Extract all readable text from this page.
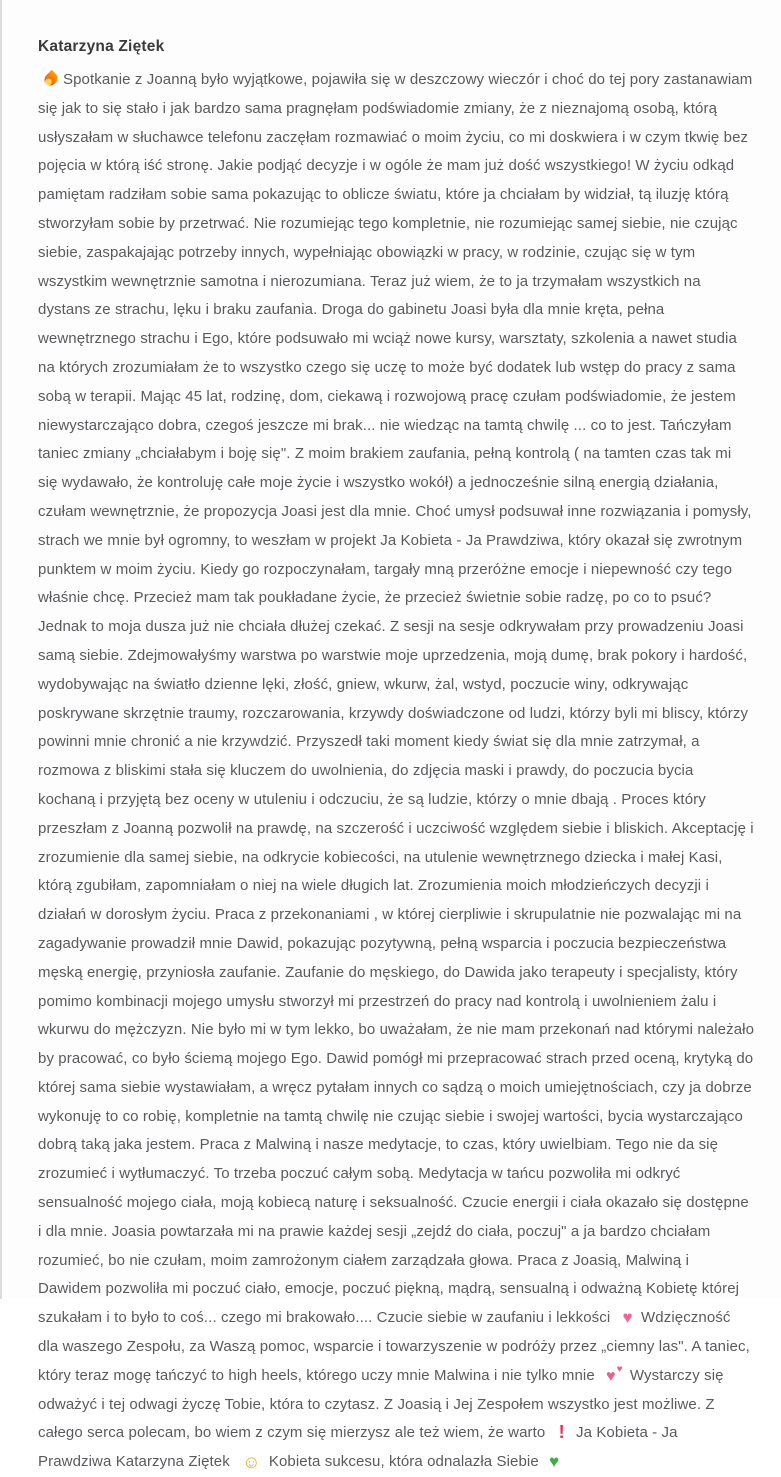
Katarzyna Ziętek

Spotkanie z Joanną było wyjątkowe, pojawiła się w deszczowy wieczór i choć do tej pory zastanawiam się jak to się stało i jak bardzo sama pragnęłam podświadomie zmiany, że z nieznajomą osobą, którą usłyszałam w słuchawce telefonu zaczęłam rozmawiać o moim życiu, co mi doskwiera i w czym tkwię bez pojęcia w którą iść stronę. Jakie podjąć decyzje i w ogóle że mam już dość wszystkiego! W życiu odkąd pamiętam radziłam sobie sama pokazując to oblicze światu, które ja chciałam by widział, tą iluzję którą stworzyłam sobie by przetrwać. Nie rozumiejąc tego kompletnie, nie rozumiejąc samej siebie, nie czując siebie, zaspakajając potrzeby innych, wypełniając obowiązki w pracy, w rodzinie, czując się w tym wszystkim wewnętrznie samotna i nierozumiana. Teraz już wiem, że to ja trzymałam wszystkich na dystans ze strachu, lęku i braku zaufania. Droga do gabinetu Joasi była dla mnie kręta, pełna wewnętrznego strachu i Ego, które podsuwało mi wciąż nowe kursy, warsztaty, szkolenia a nawet studia na których zrozumiałam że to wszystko czego się uczę to może być dodatek lub wstęp do pracy z sama sobą w terapii. Mając 45 lat, rodzinę, dom, ciekawą i rozwojową pracę czułam podświadomie, że jestem niewystarczająco dobra, czegoś jeszcze mi brak... nie wiedząc na tamtą chwilę ... co to jest. Tańczyłam taniec zmiany „chciałabym i boję się". Z moim brakiem zaufania, pełną kontrolą ( na tamten czas tak mi się wydawało, że kontroluję całe moje życie i wszystko wokół) a jednocześnie silną energią działania, czułam wewnętrznie, że propozycja Joasi jest dla mnie. Choć umysł podsuwał inne rozwiązania i pomysły, strach we mnie był ogromny, to weszłam w projekt Ja Kobieta - Ja Prawdziwa, który okazał się zwrotnym punktem w moim życiu. Kiedy go rozpoczynałam, targały mną przeróżne emocje i niepewność czy tego właśnie chcę. Przecież mam tak poukładane życie, że przecież świetnie sobie radzę, po co to psuć? Jednak to moja dusza już nie chciała dłużej czekać. Z sesji na sesje odkrywałam przy prowadzeniu Joasi samą siebie. Zdejmowałyśmy warstwa po warstwie moje uprzedzenia, moją dumę, brak pokory i hardość, wydobywając na światło dzienne lęki, złość, gniew, wkurw, żal, wstyd, poczucie winy, odkrywając poskrywane skrzętnie traumy, rozczarowania, krzywdy doświadczone od ludzi, którzy byli mi bliscy, którzy powinni mnie chronić a nie krzywdzić. Przyszedł taki moment kiedy świat się dla mnie zatrzymał, a rozmowa z bliskimi stała się kluczem do uwolnienia, do zdjęcia maski i prawdy, do poczucia bycia kochaną i przyjętą bez oceny w utuleniu i odczuciu, że są ludzie, którzy o mnie dbają . Proces który przeszłam z Joanną pozwolił na prawdę, na szczerość i uczciwość względem siebie i bliskich. Akceptację i zrozumienie dla samej siebie, na odkrycie kobiecości, na utulenie wewnętrznego dziecka i małej Kasi, którą zgubiłam, zapomniałam o niej na wiele długich lat. Zrozumienia moich młodzieńczych decyzji i działań w dorosłym życiu. Praca z przekonaniami , w której cierpliwie i skrupulatnie nie pozwalając mi na zagadywanie prowadził mnie Dawid, pokazując pozytywną, pełną wsparcia i poczucia bezpieczeństwa męską energię, przyniosła zaufanie. Zaufanie do męskiego, do Dawida jako terapeuty i specjalisty, który pomimo kombinacji mojego umysłu stworzył mi przestrzeń do pracy nad kontrolą i uwolnieniem żalu i wkurwu do mężczyzn. Nie było mi w tym lekko, bo uważałam, że nie mam przekonań nad którymi należało by pracować, co było ściemą mojego Ego. Dawid pomógł mi przepracować strach przed oceną, krytyką do której sama siebie wystawiałam, a wręcz pytałam innych co sądzą o moich umiejętnościach, czy ja dobrze wykonuję to co robię, kompletnie na tamtą chwilę nie czując siebie i swojej wartości, bycia wystarczająco dobrą taką jaka jestem. Praca z Malwiną i nasze medytacje, to czas, który uwielbiam. Tego nie da się zrozumieć i wytłumaczyć. To trzeba poczuć całym sobą. Medytacja w tańcu pozwoliła mi odkryć sensualność mojego ciała, moją kobiecą naturę i seksualność. Czucie energii i ciała okazało się dostępne i dla mnie. Joasia powtarzała mi na prawie każdej sesji „zejdź do ciała, poczuj" a ja bardzo chciałam rozumieć, bo nie czułam, moim zamrożonym ciałem zarządzała głowa. Praca z Joasią, Malwiną i Dawidem pozwoliła mi poczuć ciało, emocje, poczuć piękną, mądrą, sensualną i odważną Kobietę której szukałam i to było to coś... czego mi brakowało.... Czucie siebie w zaufaniu i lekkości ♥ Wdzięczność dla waszego Zespołu, za Waszą pomoc, wsparcie i towarzyszenie w podróży przez „ciemny las". A taniec, który teraz mogę tańczyć to high heels, którego uczy mnie Malwina i nie tylko mnie ♥ ♥ Wystarczy się odważyć i tej odwagi życzę Tobie, która to czytasz. Z Joasią i Jej Zespołem wszystko jest możliwe. Z całego serca polecam, bo wiem z czym się mierzysz ale też wiem, że warto ! Ja Kobieta - Ja Prawdziwa Katarzyna Ziętek ☺ Kobieta sukcesu, która odnalazła Siebie ♥
